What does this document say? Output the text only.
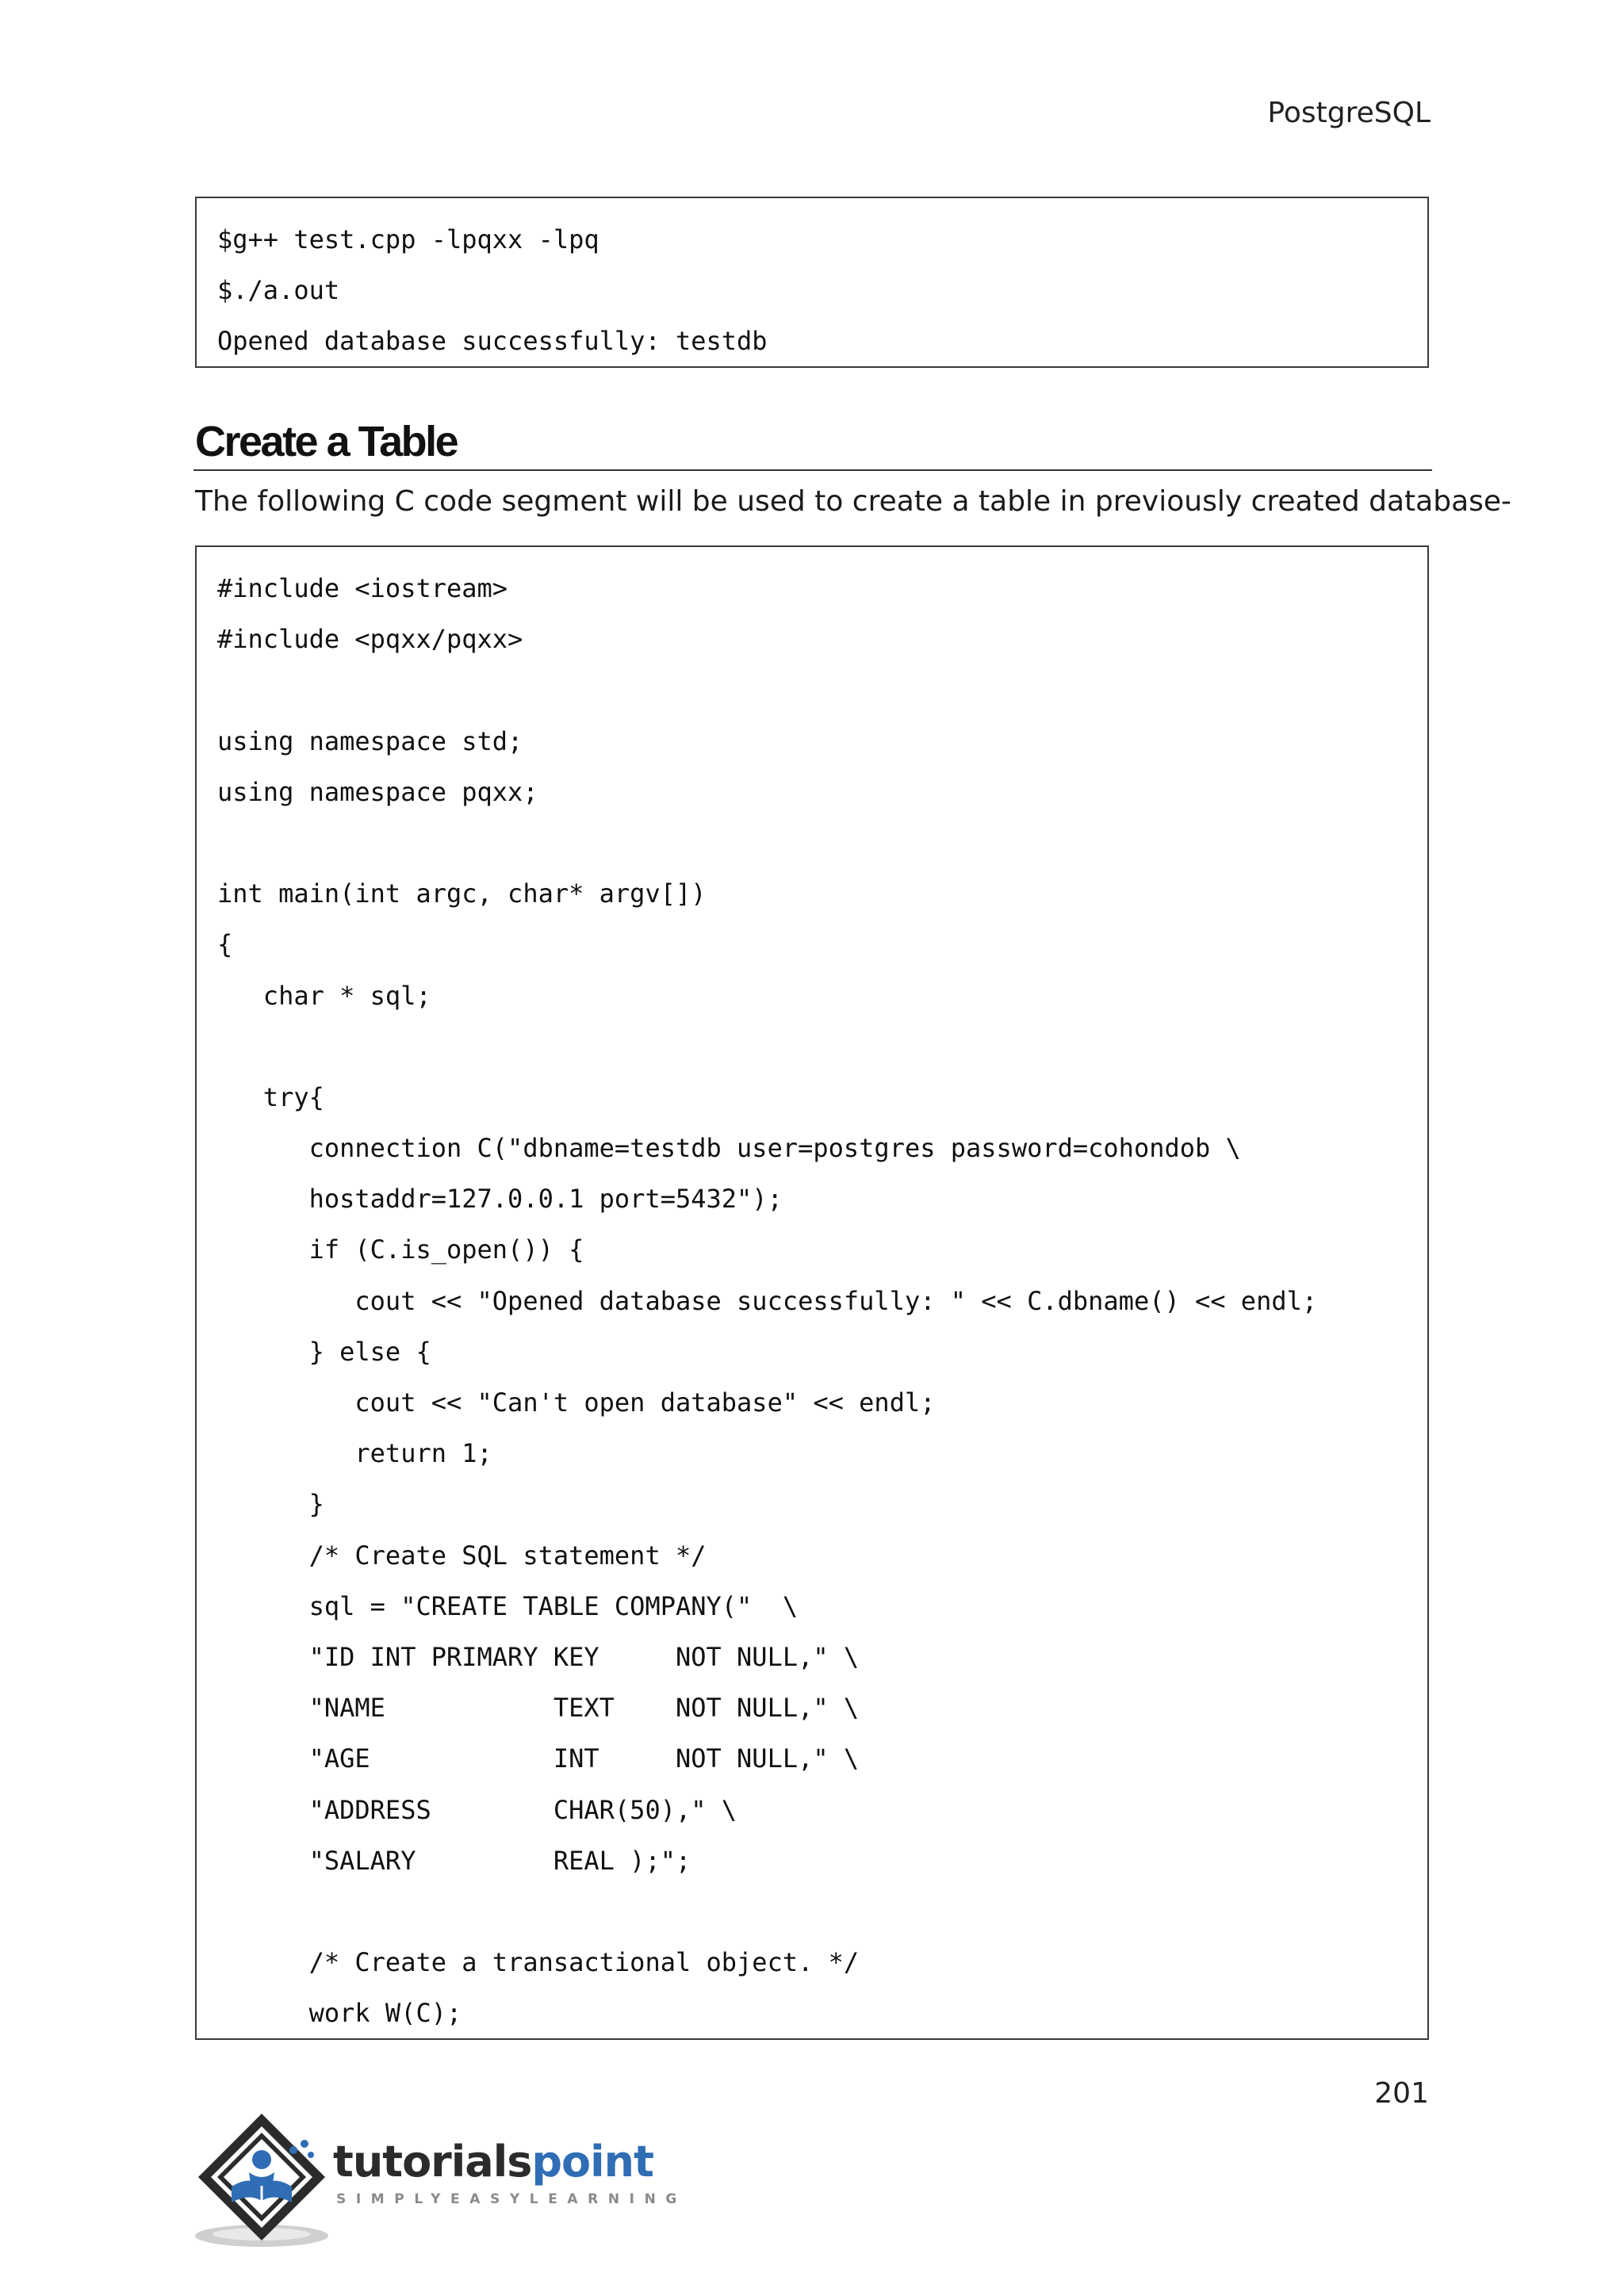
PostgreSQL
$g++ test.cpp -lpqxx -lpq
$./a.out
Opened database successfully: testdb
Create a Table

The following C code segment will be used to create a table in previously created database-

#include <iostream>
#include <pqxx/pqxx>
using namespace std;
using namespace pqxx;
int main(int argc, char* argv[])
{
char * sql;
try{
connection C("dbname=testdb user=postgres password=cohondob \
hostaddr=127.0.0.1 port=5432");
if (C.is_open()) {
cout << "Opened database successfully: " << C.dbname() << endl;
} else {
cout << "Can't open database" << endl;
return 1;
}
/* Create SQL statement */
sql = "CREATE TABLE COMPANY("  \
"ID INT PRIMARY KEY     NOT NULL," \
"NAME           TEXT    NOT NULL," \
"AGE            INT     NOT NULL," \
"ADDRESS        CHAR(50)," \
"SALARY         REAL );";
/* Create a transactional object. */
work W(C);
201
tutorialspoint
SIMPLYEASYLEARNING
